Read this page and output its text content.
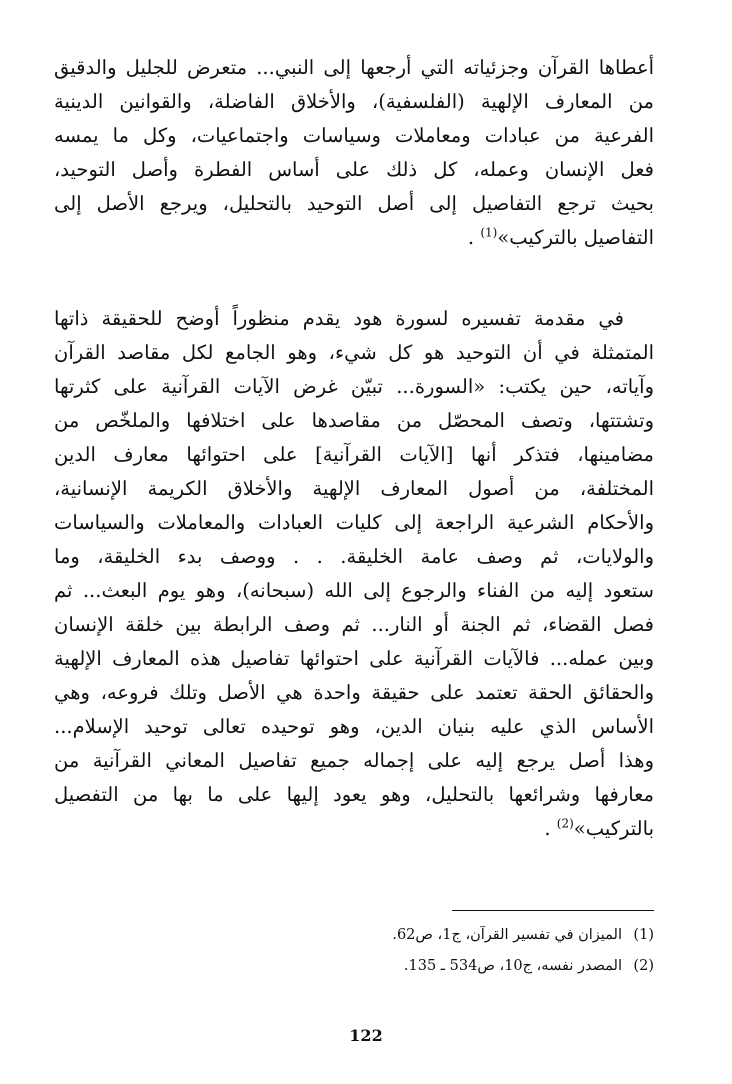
أعطاها القرآن وجزئياته التي أرجعها إلى النبي... متعرض للجليل والدقيق
من المعارف الإلهية (الفلسفية)، والأخلاق الفاضلة، والقوانين الدينية
الفرعية من عبادات ومعاملات وسياسات واجتماعيات، وكل ما يمسه
فعل الإنسان وعمله، كل ذلك على أساس الفطرة وأصل التوحيد،
بحيث ترجع التفاصيل إلى أصل التوحيد بالتحليل، ويرجع الأصل إلى
التفاصيل بالتركيب»$^{(1)}$ .
في مقدمة تفسيره لسورة هود يقدم منظوراً أوضح للحقيقة ذاتها
المتمثلة في أن التوحيد هو كل شيء، وهو الجامع لكل مقاصد القرآن
وآياته، حين يكتب: «السورة... تبيّن غرض الآيات القرآنية على كثرتها
وتشتتها، وتصف المحصّل من مقاصدها على اختلافها والملخّص من
مضامينها، فتذكر أنها [الآيات القرآنية] على احتوائها معارف الدين
المختلفة، من أصول المعارف الإلهية والأخلاق الكريمة الإنسانية،
والأحكام الشرعية الراجعة إلى كليات العبادات والمعاملات والسياسات
والولايات، ثم وصف عامة الخليقة. . . ووصف بدء الخليقة، وما
ستعود إليه من الفناء والرجوع إلى الله (سبحانه)، وهو يوم البعث... ثم
فصل القضاء، ثم الجنة أو النار... ثم وصف الرابطة بين خلقة الإنسان
وبين عمله... فالآيات القرآنية على احتوائها تفاصيل هذه المعارف الإلهية
والحقائق الحقة تعتمد على حقيقة واحدة هي الأصل وتلك فروعه، وهي
الأساس الذي عليه بنيان الدين، وهو توحيده تعالى توحيد الإسلام...
وهذا أصل يرجع إليه على إجماله جميع تفاصيل المعاني القرآنية من
معارفها وشرائعها بالتحليل، وهو يعود إليها على ما بها من التفصيل
بالتركيب»$^{(2)}$ .
(1)الميزان في تفسير القرآن، ج1، ص62.
(2)المصدر نفسه، ج10، ص534 ـ 135.
122
